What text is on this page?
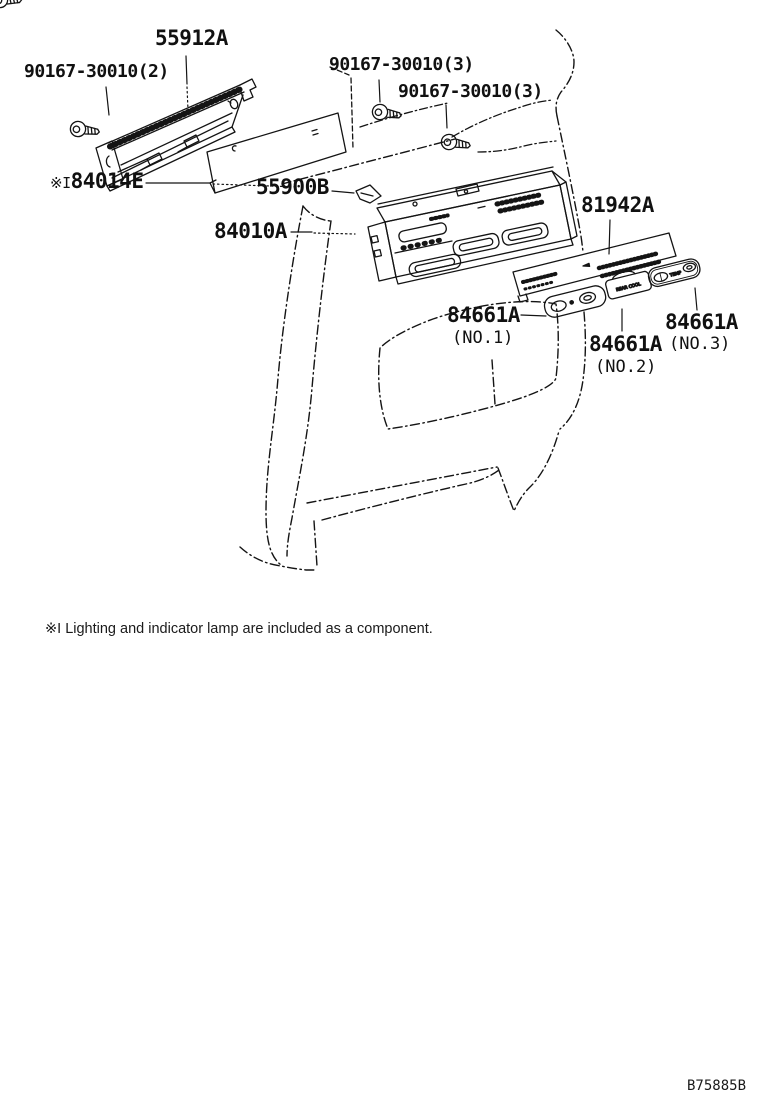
REAR COOL
TEMP
55912A
90167-30010(2)	90167-30010(3)
90167-30010(3)
※I84014E	55900B
84010A
81942A
84661A
(NO.1)
84661A
(NO.3)
84661A
(NO.2)
※I Lighting and indicator lamp are included as a component.
B75885B
